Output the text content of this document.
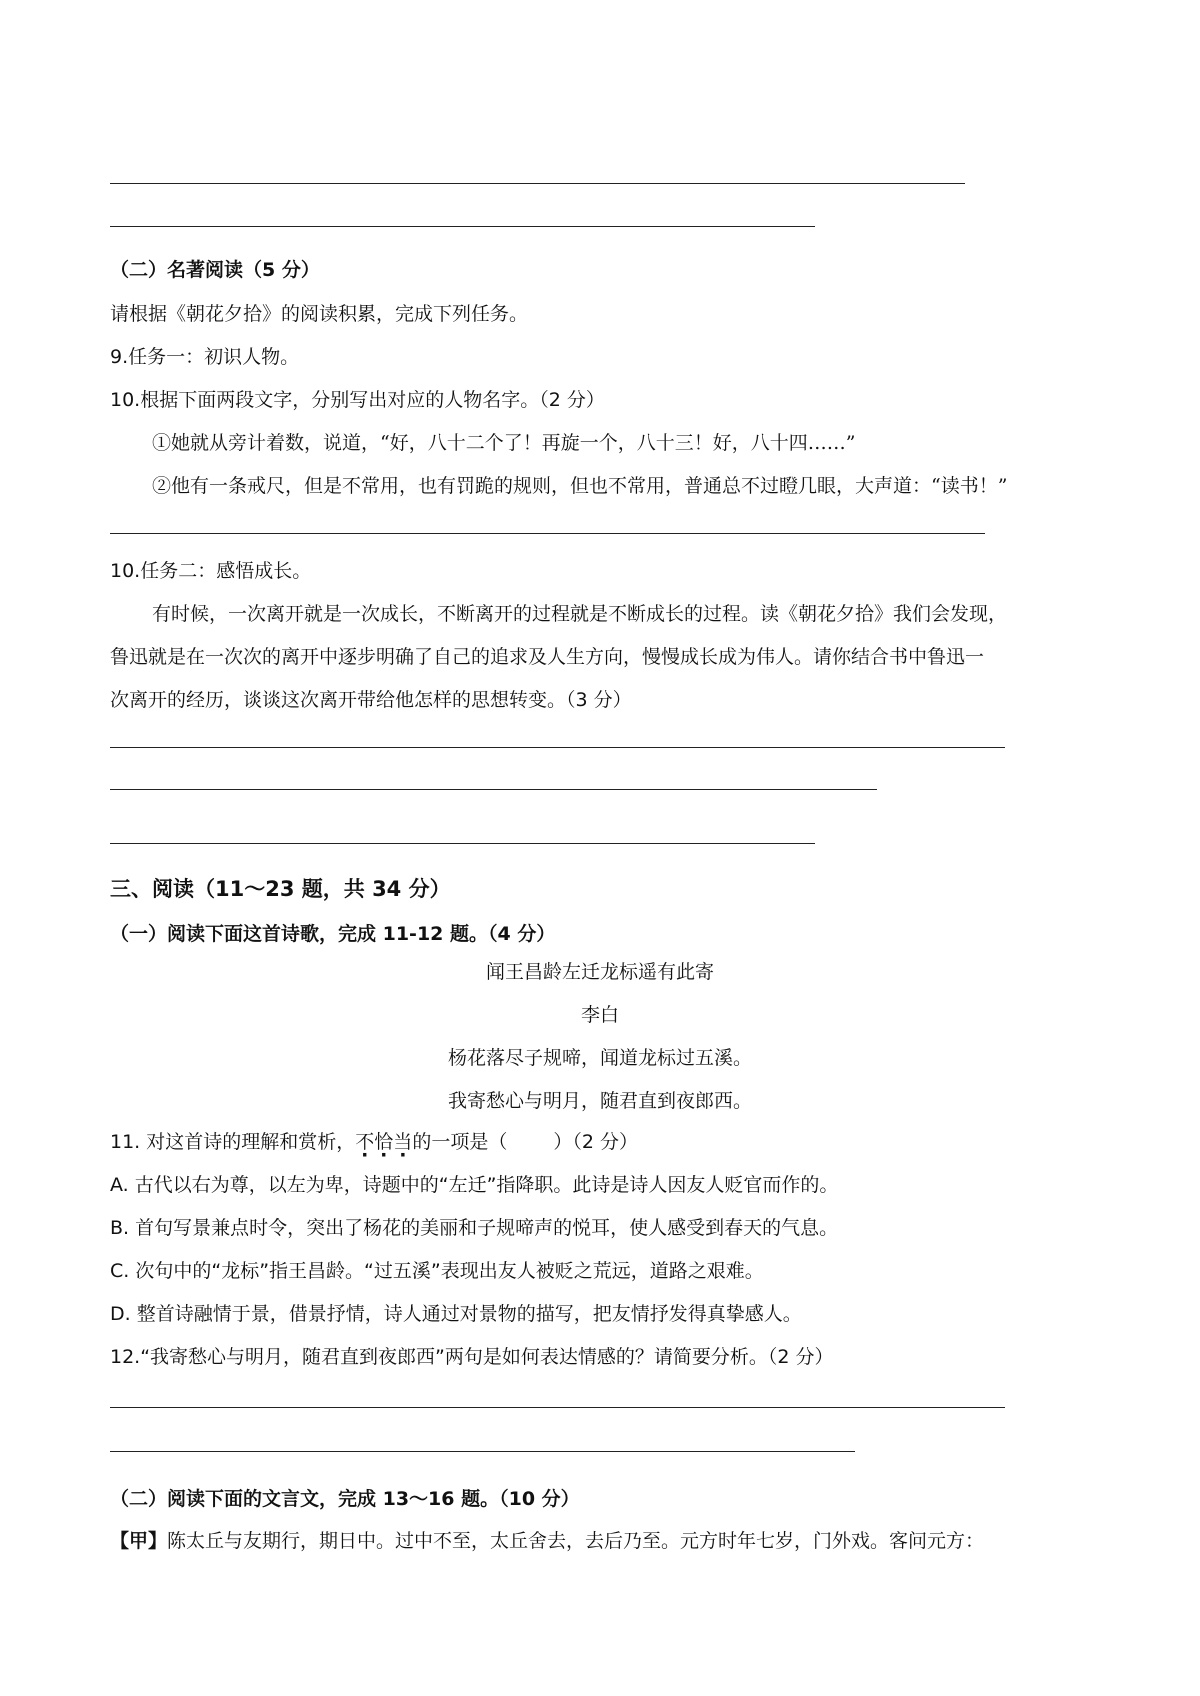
（二）名著阅读（5 分）
请根据《朝花夕拾》的阅读积累，完成下列任务。
9.任务一：初识人物。
10.根据下面两段文字，分别写出对应的人物名字。（2 分）
①她就从旁计着数，说道，“好，八十二个了！再旋一个，八十三！好，八十四……”
②他有一条戒尺，但是不常用，也有罚跪的规则，但也不常用，普通总不过瞪几眼，大声道：“读书！”
10.任务二：感悟成长。
有时候，一次离开就是一次成长，不断离开的过程就是不断成长的过程。读《朝花夕拾》我们会发现，
鲁迅就是在一次次的离开中逐步明确了自己的追求及人生方向，慢慢成长成为伟人。请你结合书中鲁迅一
次离开的经历，谈谈这次离开带给他怎样的思想转变。（3 分）
三、阅读（11～23 题，共 34 分）
（一）阅读下面这首诗歌，完成 11-12 题。（4 分）
闻王昌龄左迁龙标遥有此寄
李白
杨花落尽子规啼，闻道龙标过五溪。
我寄愁心与明月，随君直到夜郎西。
11. 对这首诗的理解和赏析，不恰当的一项是（ ）（2 分）
A. 古代以右为尊，以左为卑，诗题中的“左迁”指降职。此诗是诗人因友人贬官而作的。
B. 首句写景兼点时令，突出了杨花的美丽和子规啼声的悦耳，使人感受到春天的气息。
C. 次句中的“龙标”指王昌龄。“过五溪”表现出友人被贬之荒远，道路之艰难。
D. 整首诗融情于景，借景抒情，诗人通过对景物的描写，把友情抒发得真挚感人。
12.“我寄愁心与明月，随君直到夜郎西”两句是如何表达情感的？请简要分析。（2 分）
（二）阅读下面的文言文，完成 13～16 题。（10 分）
【甲】陈太丘与友期行，期日中。过中不至，太丘舍去，去后乃至。元方时年七岁，门外戏。客问元方：
